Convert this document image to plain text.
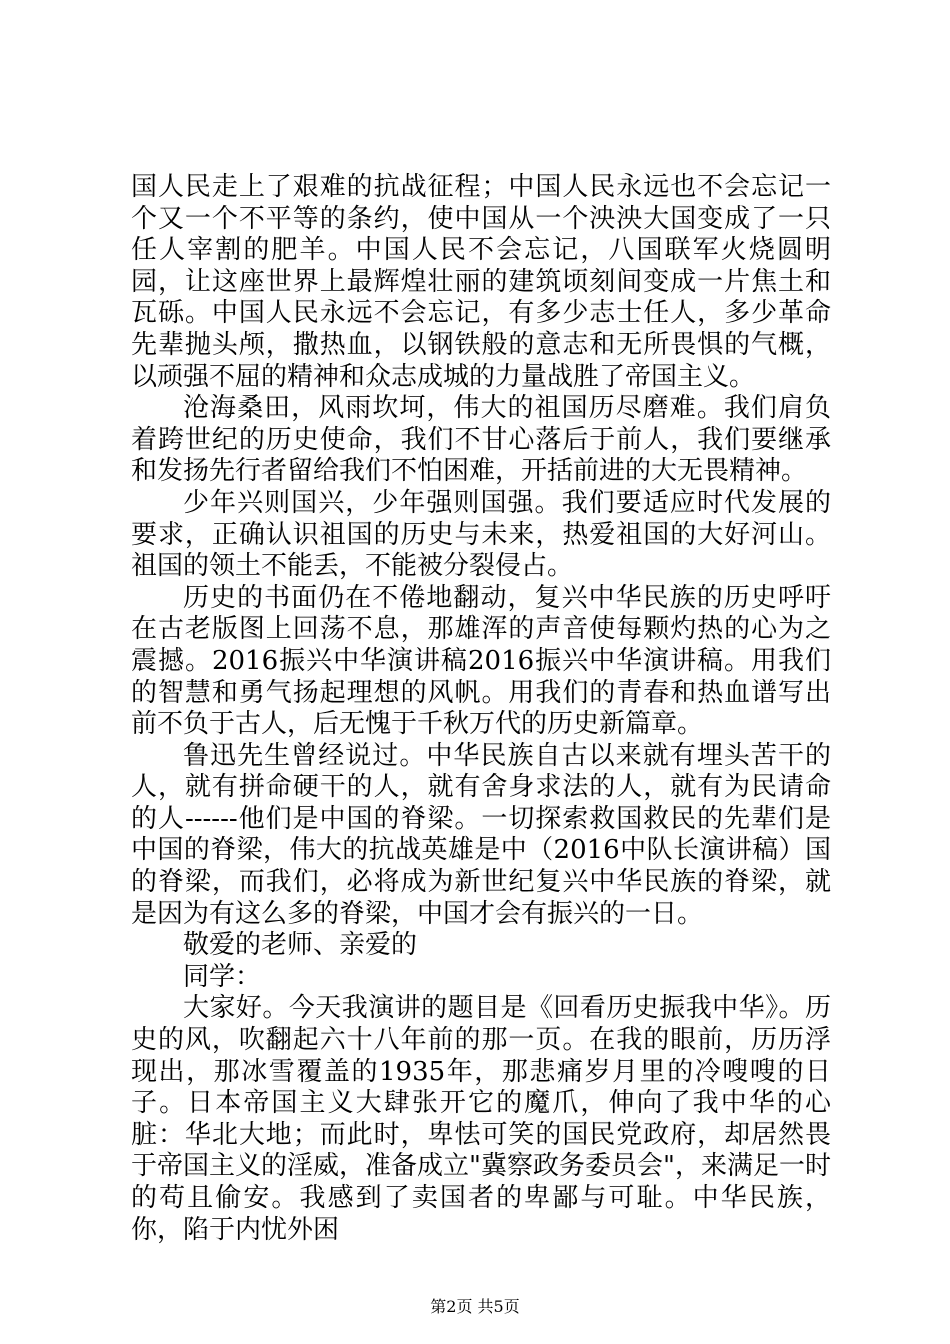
国人民走上了艰难的抗战征程；中国人民永远也不会忘记一个又一个不平等的条约，使中国从一个泱泱大国变成了一只任人宰割的肥羊。中国人民不会忘记，八国联军火烧圆明园，让这座世界上最辉煌壮丽的建筑顷刻间变成一片焦土和瓦砾。中国人民永远不会忘记，有多少志士任人，多少革命先辈抛头颅，撒热血，以钢铁般的意志和无所畏惧的气概，以顽强不屈的精神和众志成城的力量战胜了帝国主义。

沧海桑田，风雨坎坷，伟大的祖国历尽磨难。我们肩负着跨世纪的历史使命，我们不甘心落后于前人，我们要继承和发扬先行者留给我们不怕困难，开括前进的大无畏精神。

少年兴则国兴，少年强则国强。我们要适应时代发展的要求，正确认识祖国的历史与未来，热爱祖国的大好河山。祖国的领土不能丢，不能被分裂侵占。

历史的书面仍在不倦地翻动，复兴中华民族的历史呼吁在古老版图上回荡不息，那雄浑的声音使每颗灼热的心为之震撼。2016振兴中华演讲稿2016振兴中华演讲稿。用我们的智慧和勇气扬起理想的风帆。用我们的青春和热血谱写出前不负于古人，后无愧于千秋万代的历史新篇章。

鲁迅先生曾经说过。中华民族自古以来就有埋头苦干的人，就有拼命硬干的人，就有舍身求法的人，就有为民请命的人------他们是中国的脊梁。一切探索救国救民的先辈们是中国的脊梁，伟大的抗战英雄是中（2016中队长演讲稿）国的脊梁，而我们，必将成为新世纪复兴中华民族的脊梁，就是因为有这么多的脊梁，中国才会有振兴的一日。

敬爱的老师、亲爱的

同学：

大家好。今天我演讲的题目是《回看历史振我中华》。历史的风，吹翻起六十八年前的那一页。在我的眼前，历历浮现出，那冰雪覆盖的1935年，那悲痛岁月里的冷嗖嗖的日子。日本帝国主义大肆张开它的魔爪，伸向了我中华的心脏：华北大地；而此时，卑怯可笑的国民党政府，却居然畏于帝国主义的淫威，准备成立"冀察政务委员会"，来满足一时的苟且偷安。我感到了卖国者的卑鄙与可耻。中华民族，你，陷于内忧外困

第2页 共5页
